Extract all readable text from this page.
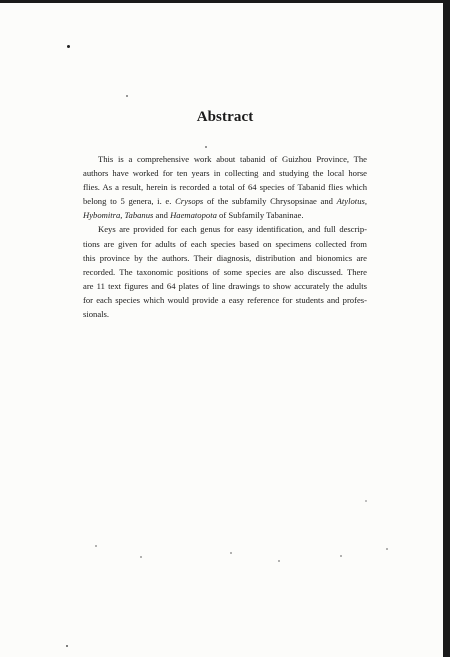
Abstract

This is a comprehensive work about tabanid of Guizhou Province, The
authors have worked for ten years in collecting and studying the local horse
flies. As a result, herein is recorded a total of 64 species of Tabanid flies which
belong to 5 genera, i. e. Crysops of the subfamily Chrysopsinae and Atylotus,
Hybomitra, Tabanus and Haematopota of Subfamily Tabaninae.

Keys are provided for each genus for easy identification, and full descrip-
tions are given for adults of each species based on specimens collected from
this province by the authors. Their diagnosis, distribution and bionomics are
recorded. The taxonomic positions of some species are also discussed. There
are 11 text figures and 64 plates of line drawings to show accurately the adults
for each species which would provide a easy reference for students and profes-
sionals.
